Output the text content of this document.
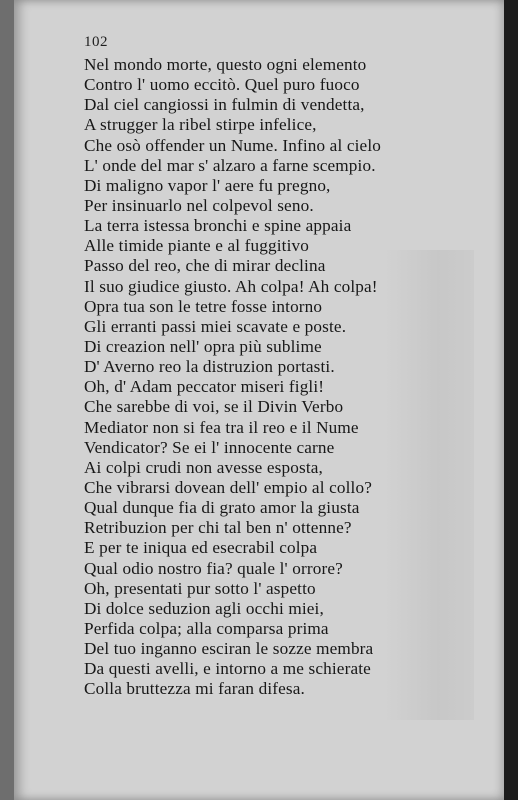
102
Nel mondo morte, questo ogni elemento
Contro l' uomo eccitò. Quel puro fuoco
Dal ciel cangiossi in fulmin di vendetta,
A strugger la ribel stirpe infelice,
Che osò offender un Nume. Infino al cielo
L' onde del mar s' alzaro a farne scempio.
Di maligno vapor l' aere fu pregno,
Per insinuarlo nel colpevol seno.
La terra istessa bronchi e spine appaia
Alle timide piante e al fuggitivo
Passo del reo, che di mirar declina
Il suo giudice giusto. Ah colpa! Ah colpa!
Opra tua son le tetre fosse intorno
Gli erranti passi miei scavate e poste.
Di creazion nell' opra più sublime
D' Averno reo la distruzion portasti.
Oh, d' Adam peccator miseri figli!
Che sarebbe di voi, se il Divin Verbo
Mediator non si fea tra il reo e il Nume
Vendicator? Se ei l' innocente carne
Ai colpi crudi non avesse esposta,
Che vibrarsi dovean dell' empio al collo?
Qual dunque fia di grato amor la giusta
Retribuzion per chi tal ben n' ottenne?
E per te iniqua ed esecrabil colpa
Qual odio nostro fia? quale l' orrore?
Oh, presentati pur sotto l' aspetto
Di dolce seduzion agli occhi miei,
Perfida colpa; alla comparsa prima
Del tuo inganno esciran le sozze membra
Da questi avelli, e intorno a me schierate
Colla bruttezza mi faran difesa.
